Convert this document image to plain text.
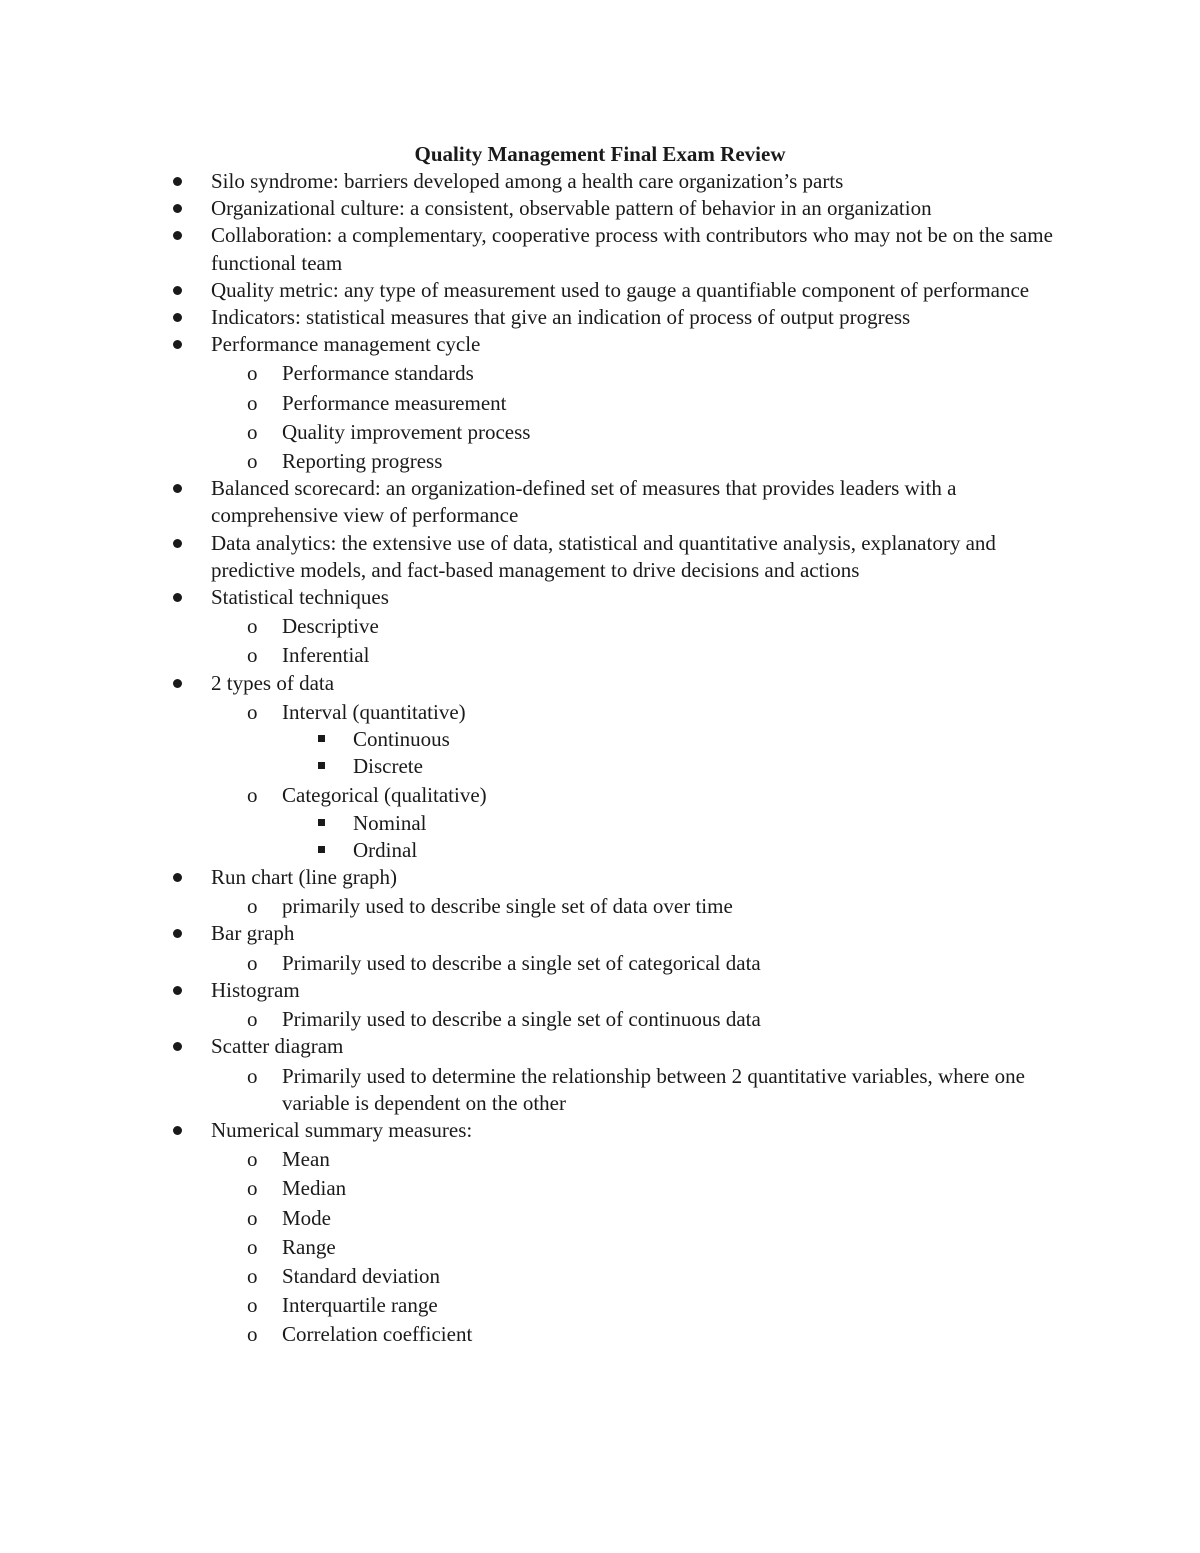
Quality Management Final Exam Review
Silo syndrome: barriers developed among a health care organization’s parts
Organizational culture: a consistent, observable pattern of behavior in an organization
Collaboration: a complementary, cooperative process with contributors who may not be on the same functional team
Quality metric: any type of measurement used to gauge a quantifiable component of performance
Indicators: statistical measures that give an indication of process of output progress
Performance management cycle
o Performance standards
o Performance measurement
o Quality improvement process
o Reporting progress
Balanced scorecard: an organization-defined set of measures that provides leaders with a comprehensive view of performance
Data analytics: the extensive use of data, statistical and quantitative analysis, explanatory and predictive models, and fact-based management to drive decisions and actions
Statistical techniques
o Descriptive
o Inferential
2 types of data
o Interval (quantitative)
Continuous
Discrete
o Categorical (qualitative)
Nominal
Ordinal
Run chart (line graph)
o primarily used to describe single set of data over time
Bar graph
o Primarily used to describe a single set of categorical data
Histogram
o Primarily used to describe a single set of continuous data
Scatter diagram
o Primarily used to determine the relationship between 2 quantitative variables, where one variable is dependent on the other
Numerical summary measures:
o Mean
o Median
o Mode
o Range
o Standard deviation
o Interquartile range
o Correlation coefficient
